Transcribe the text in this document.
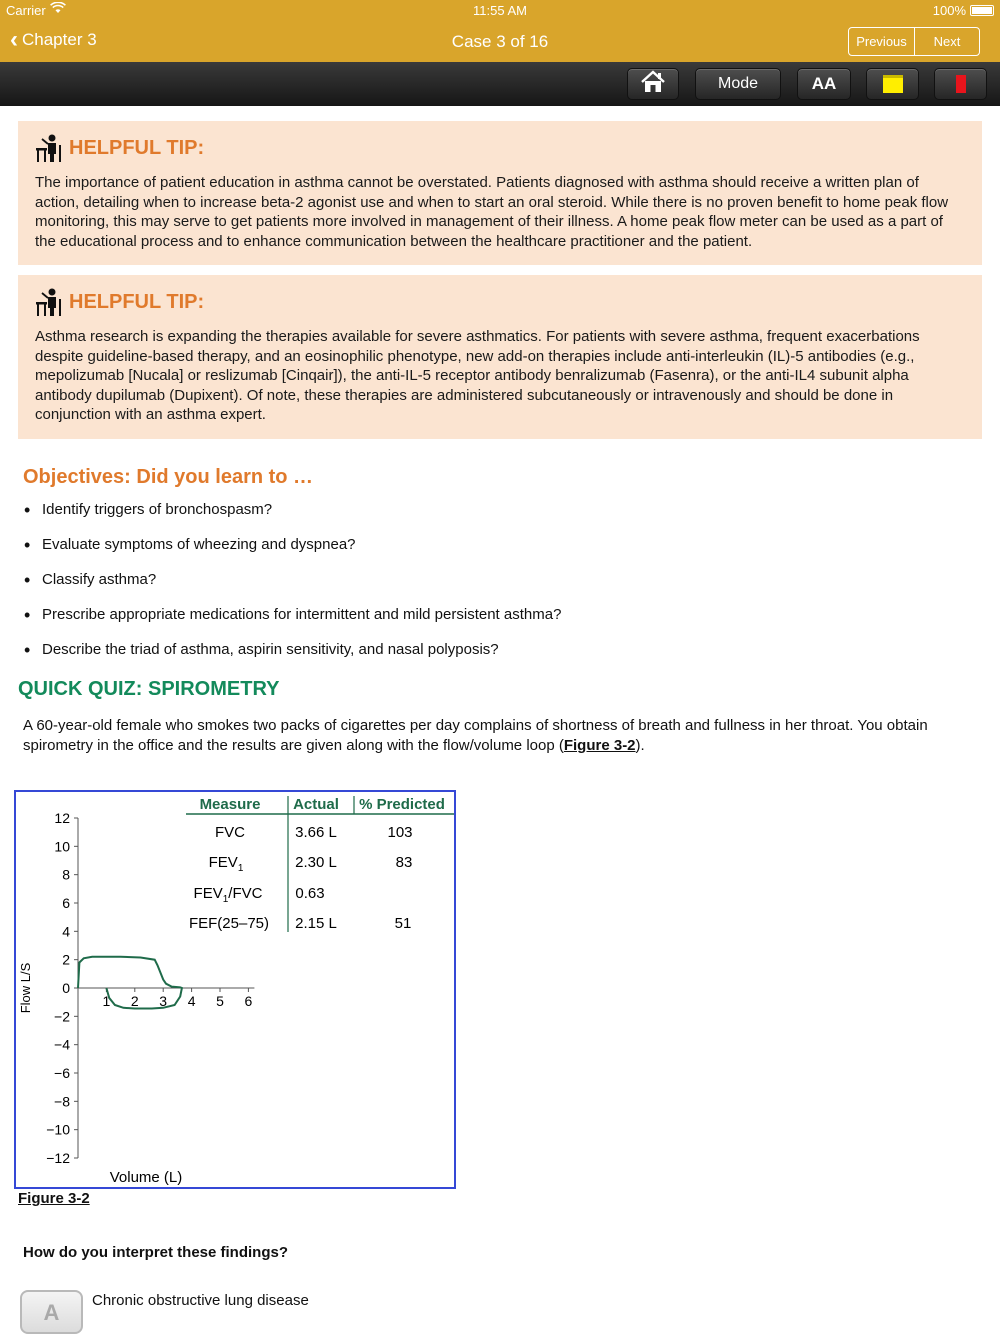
Carrier	11:55 AM	100%
‹ Chapter 3	Case 3 of 16	Previous	Next
Mode	AA
HELPFUL TIP:

The importance of patient education in asthma cannot be overstated. Patients diagnosed with asthma should receive a written plan of action, detailing when to increase beta-2 agonist use and when to start an oral steroid. While there is no proven benefit to home peak flow monitoring, this may serve to get patients more involved in management of their illness. A home peak flow meter can be used as a part of the educational process and to enhance communication between the healthcare practitioner and the patient.

HELPFUL TIP:

Asthma research is expanding the therapies available for severe asthmatics. For patients with severe asthma, frequent exacerbations despite guideline-based therapy, and an eosinophilic phenotype, new add-on therapies include anti-interleukin (IL)-5 antibodies (e.g., mepolizumab [Nucala] or reslizumab [Cinqair]), the anti-IL-5 receptor antibody benralizumab (Fasenra), or the anti-IL4 subunit alpha antibody dupilumab (Dupixent). Of note, these therapies are administered subcutaneously or intravenously and should be done in conjunction with an asthma expert.

Objectives: Did you learn to …
• Identify triggers of bronchospasm?
• Evaluate symptoms of wheezing and dyspnea?
• Classify asthma?
• Prescribe appropriate medications for intermittent and mild persistent asthma?
• Describe the triad of asthma, aspirin sensitivity, and nasal polyposis?
QUICK QUIZ: SPIROMETRY

A 60-year-old female who smokes two packs of cigarettes per day complains of shortness of breath and fullness in her throat. You obtain spirometry in the office and the results are given along with the flow/volume loop (Figure 3-2).

Measure Actual % Predicted
FVC	3.66 L	103
$FEV_1$	2.30 L	83
$FEV_1$/FVC 0.63
FEF(25–75) 2.15 L	51
12
10
8
6
4
2
0
−2
−4
−6
−8
−10
−12
1 2 3 4 5 6
Flow L/S
Volume (L)
Figure 3-2
How do you interpret these findings?
A	Chronic obstructive lung disease
